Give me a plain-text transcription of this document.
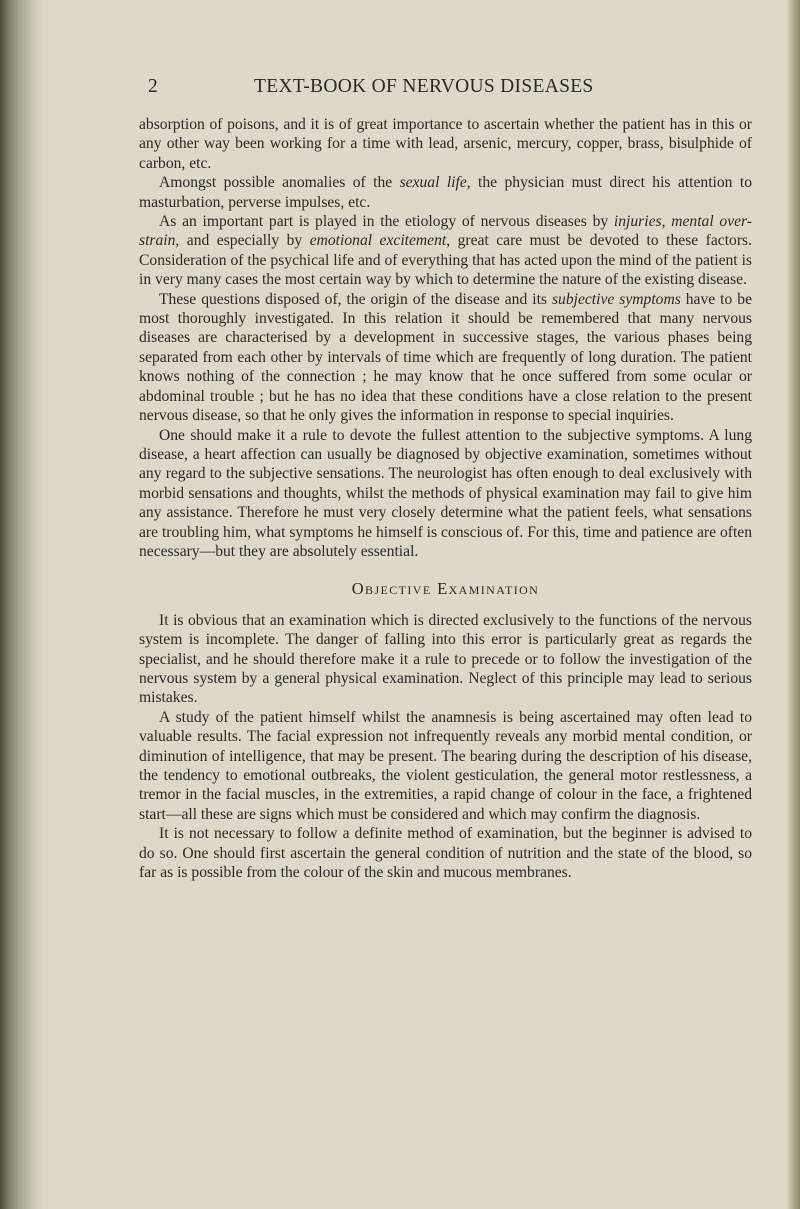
2	TEXT-BOOK OF NERVOUS DISEASES

absorption of poisons, and it is of great importance to ascertain whether the patient has in this or any other way been working for a time with lead, arsenic, mercury, copper, brass, bisulphide of carbon, etc.

Amongst possible anomalies of the sexual life, the physician must direct his attention to masturbation, perverse impulses, etc.

As an important part is played in the etiology of nervous diseases by injuries, mental over-strain, and especially by emotional excitement, great care must be devoted to these factors. Consideration of the psychical life and of everything that has acted upon the mind of the patient is in very many cases the most certain way by which to determine the nature of the existing disease.

These questions disposed of, the origin of the disease and its subjective symptoms have to be most thoroughly investigated. In this relation it should be remembered that many nervous diseases are characterised by a development in successive stages, the various phases being separated from each other by intervals of time which are frequently of long duration. The patient knows nothing of the connection ; he may know that he once suffered from some ocular or abdominal trouble ; but he has no idea that these conditions have a close relation to the present nervous disease, so that he only gives the information in response to special inquiries.

One should make it a rule to devote the fullest attention to the subjective symptoms. A lung disease, a heart affection can usually be diagnosed by objective examination, sometimes without any regard to the subjective sensations. The neurologist has often enough to deal exclusively with morbid sensations and thoughts, whilst the methods of physical examination may fail to give him any assistance. Therefore he must very closely determine what the patient feels, what sensations are troubling him, what symptoms he himself is conscious of. For this, time and patience are often necessary—but they are absolutely essential.

Objective Examination

It is obvious that an examination which is directed exclusively to the functions of the nervous system is incomplete. The danger of falling into this error is particularly great as regards the specialist, and he should therefore make it a rule to precede or to follow the investigation of the nervous system by a general physical examination. Neglect of this principle may lead to serious mistakes.

A study of the patient himself whilst the anamnesis is being ascertained may often lead to valuable results. The facial expression not infrequently reveals any morbid mental condition, or diminution of intelligence, that may be present. The bearing during the description of his disease, the tendency to emotional outbreaks, the violent gesticulation, the general motor restlessness, a tremor in the facial muscles, in the extremities, a rapid change of colour in the face, a frightened start—all these are signs which must be considered and which may confirm the diagnosis.

It is not necessary to follow a definite method of examination, but the beginner is advised to do so. One should first ascertain the general condition of nutrition and the state of the blood, so far as is possible from the colour of the skin and mucous membranes.
